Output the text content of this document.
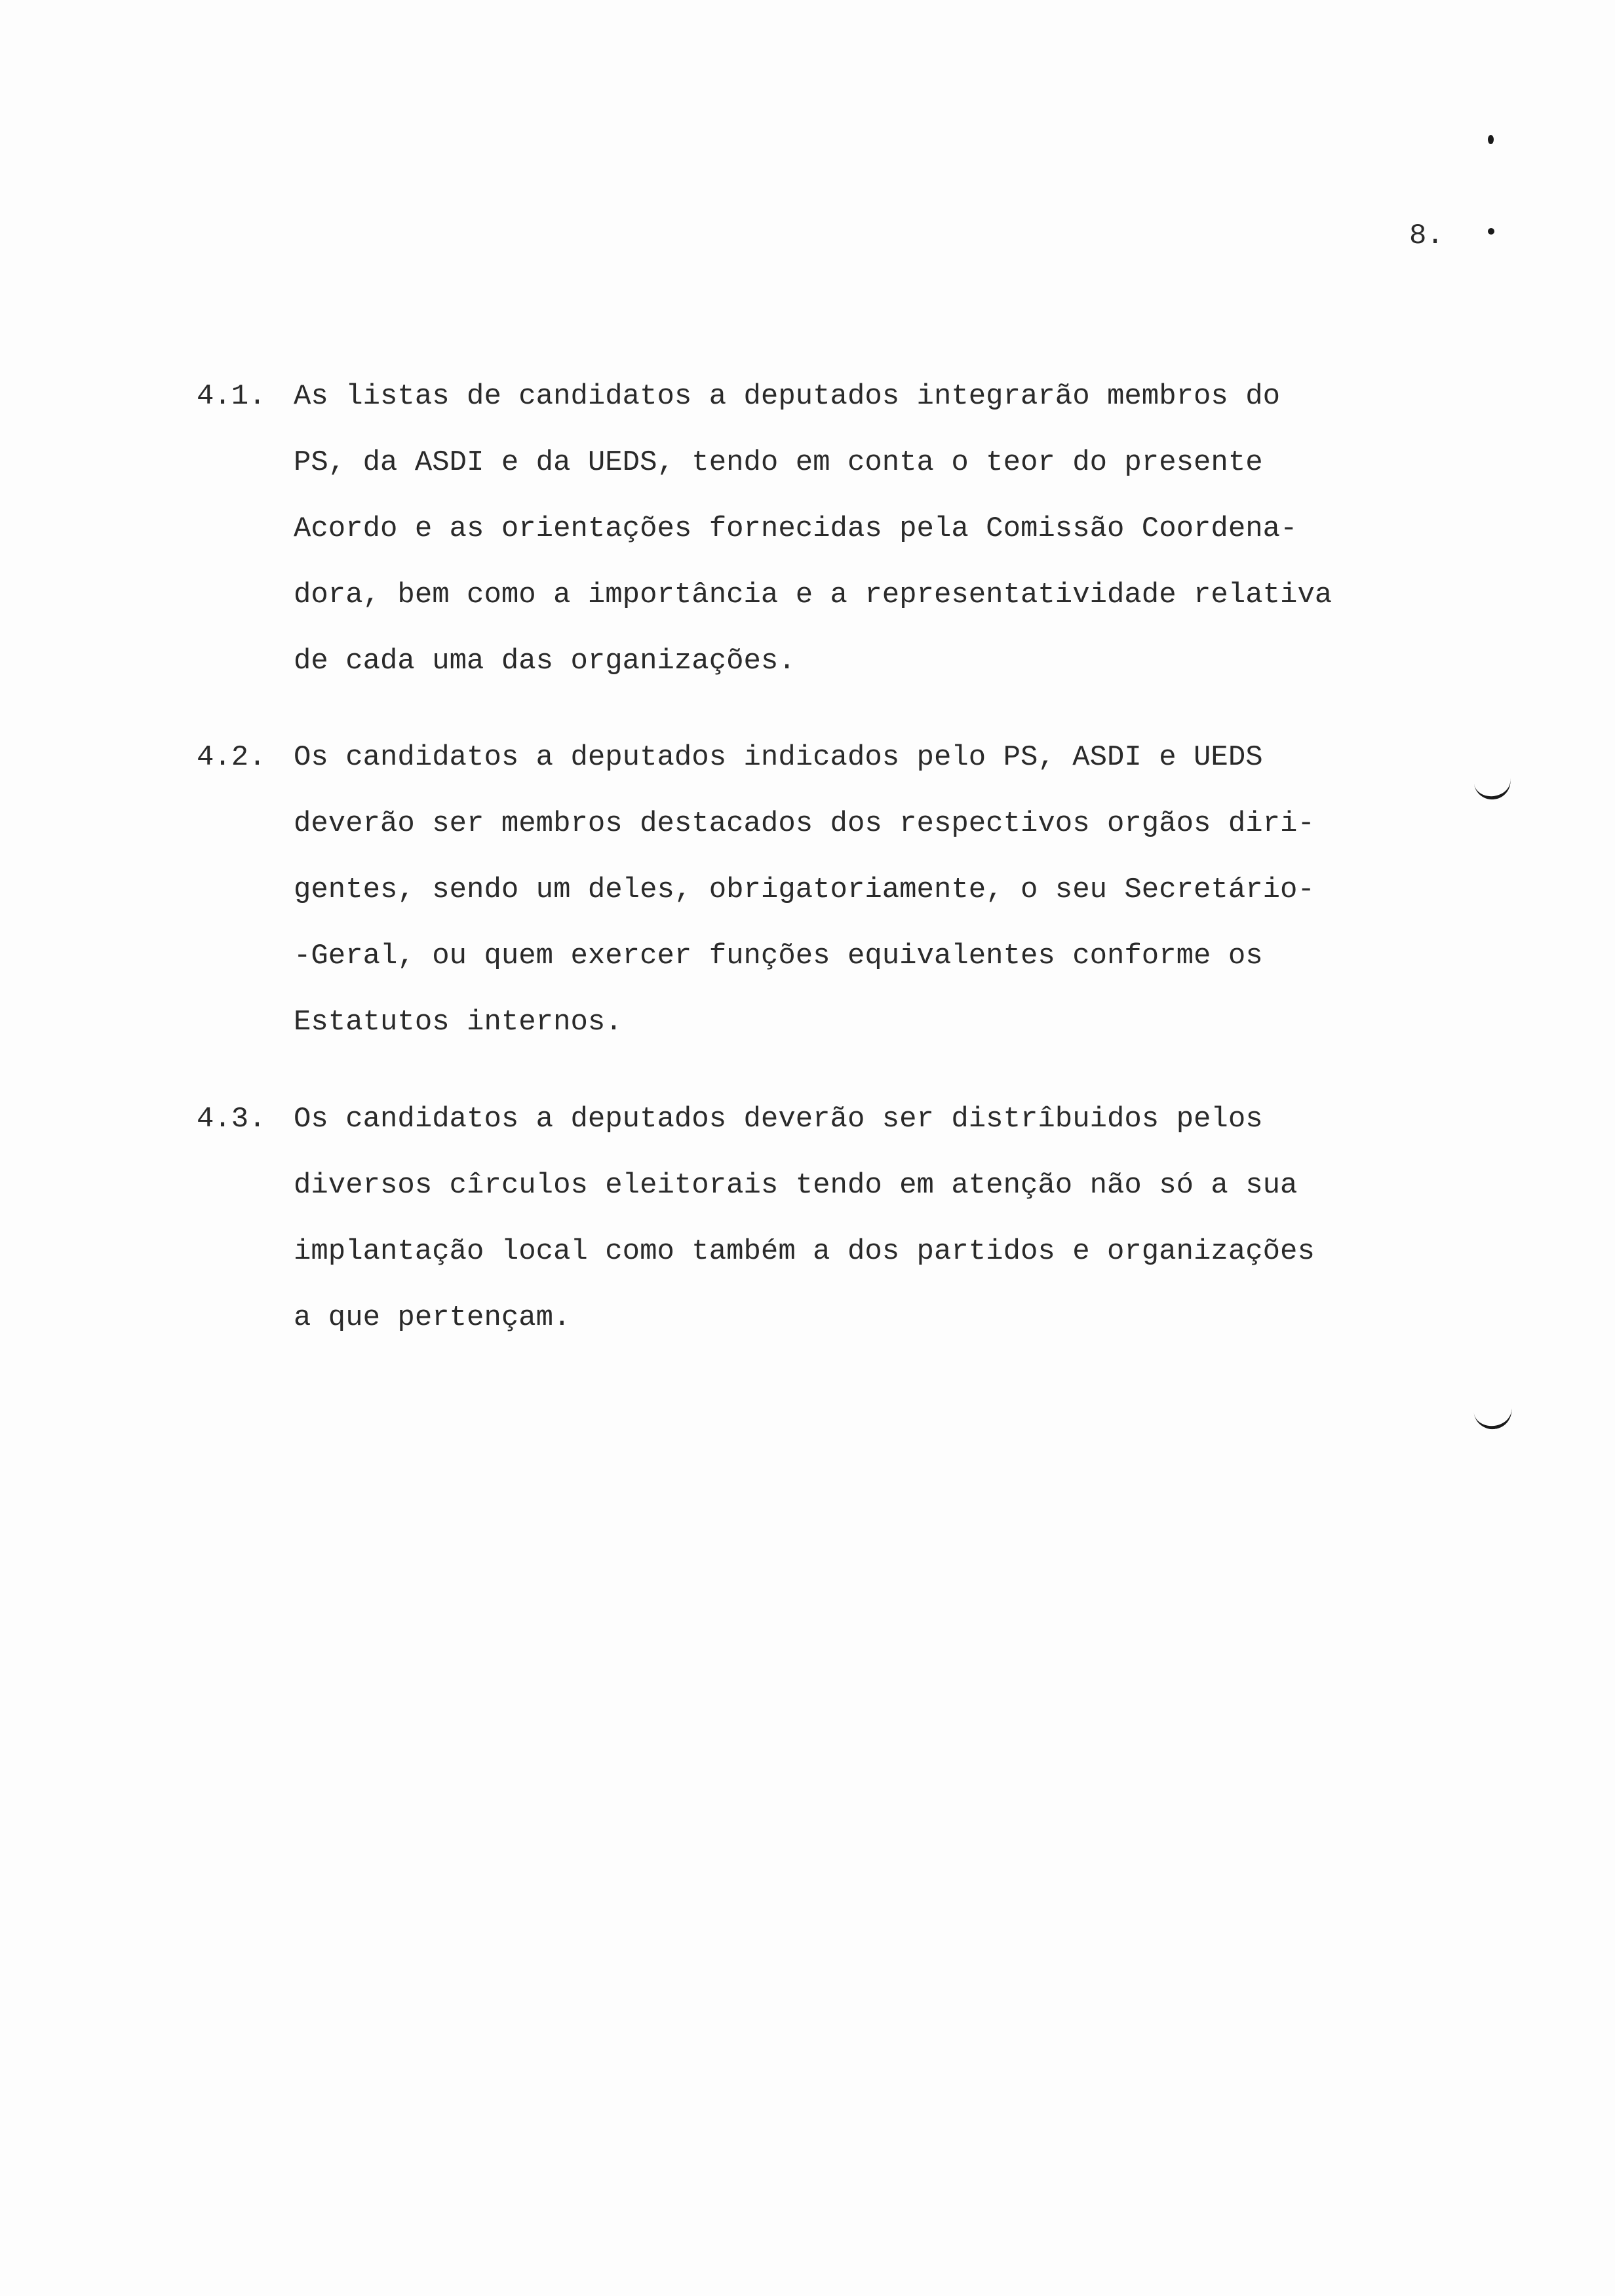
8.
4.1. As listas de candidatos a deputados integrarão membros do
PS, da ASDI e da UEDS, tendo em conta o teor do presente
Acordo e as orientações fornecidas pela Comissão Coordena-
dora, bem como a importância e a representatividade relativa
de cada uma das organizações.
4.2. Os candidatos a deputados indicados pelo PS, ASDI e UEDS
deverão ser membros destacados dos respectivos orgãos diri-
gentes, sendo um deles, obrigatoriamente, o seu Secretário-
-Geral, ou quem exercer funções equivalentes conforme os
Estatutos internos.
4.3. Os candidatos a deputados deverão ser distrîbuidos pelos
diversos cîrculos eleitorais tendo em atenção não só a sua
implantação local como também a dos partidos e organizações
a que pertençam.
